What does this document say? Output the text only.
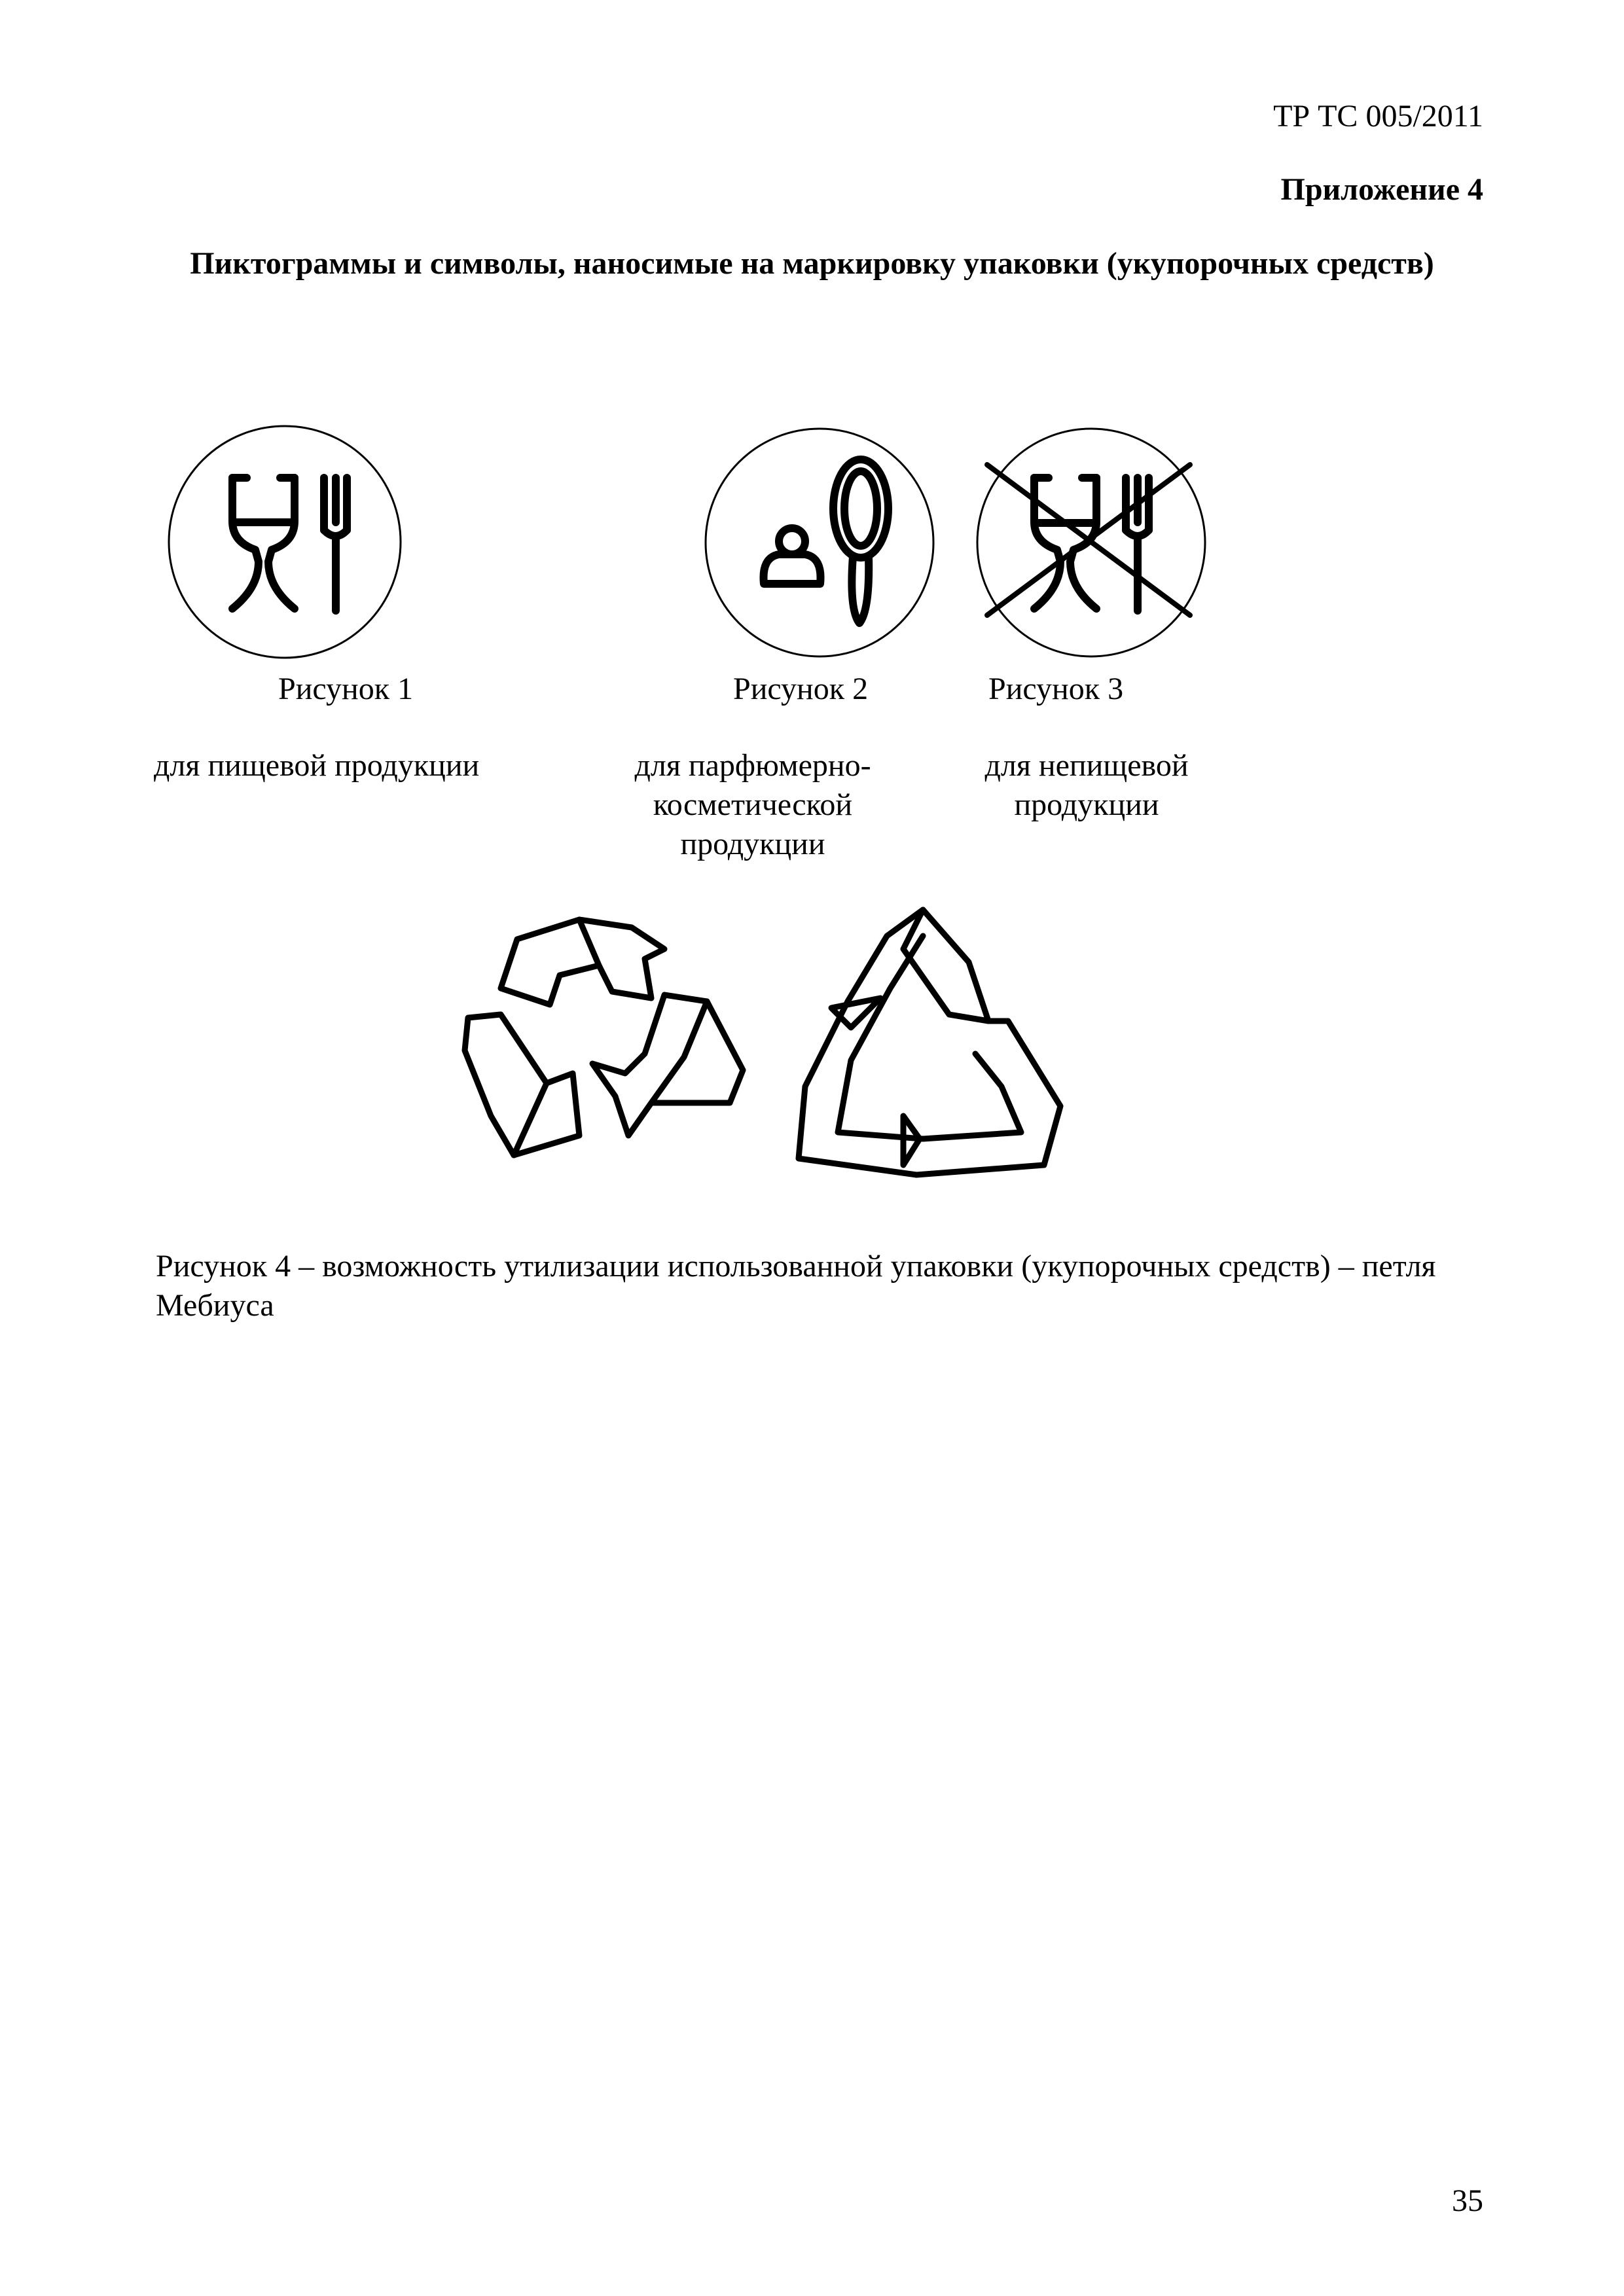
ТР ТС 005/2011
Приложение 4
Пиктограммы и символы, наносимые на маркировку упаковки (укупорочных средств)
Рисунок 1
для пищевой продукции
Рисунок 2
для парфюмерно-
косметической
продукции
Рисунок 3
для непищевой
продукции
Рисунок 4 – возможность утилизации использованной упаковки (укупорочных средств) – петля Мебиуса
35
